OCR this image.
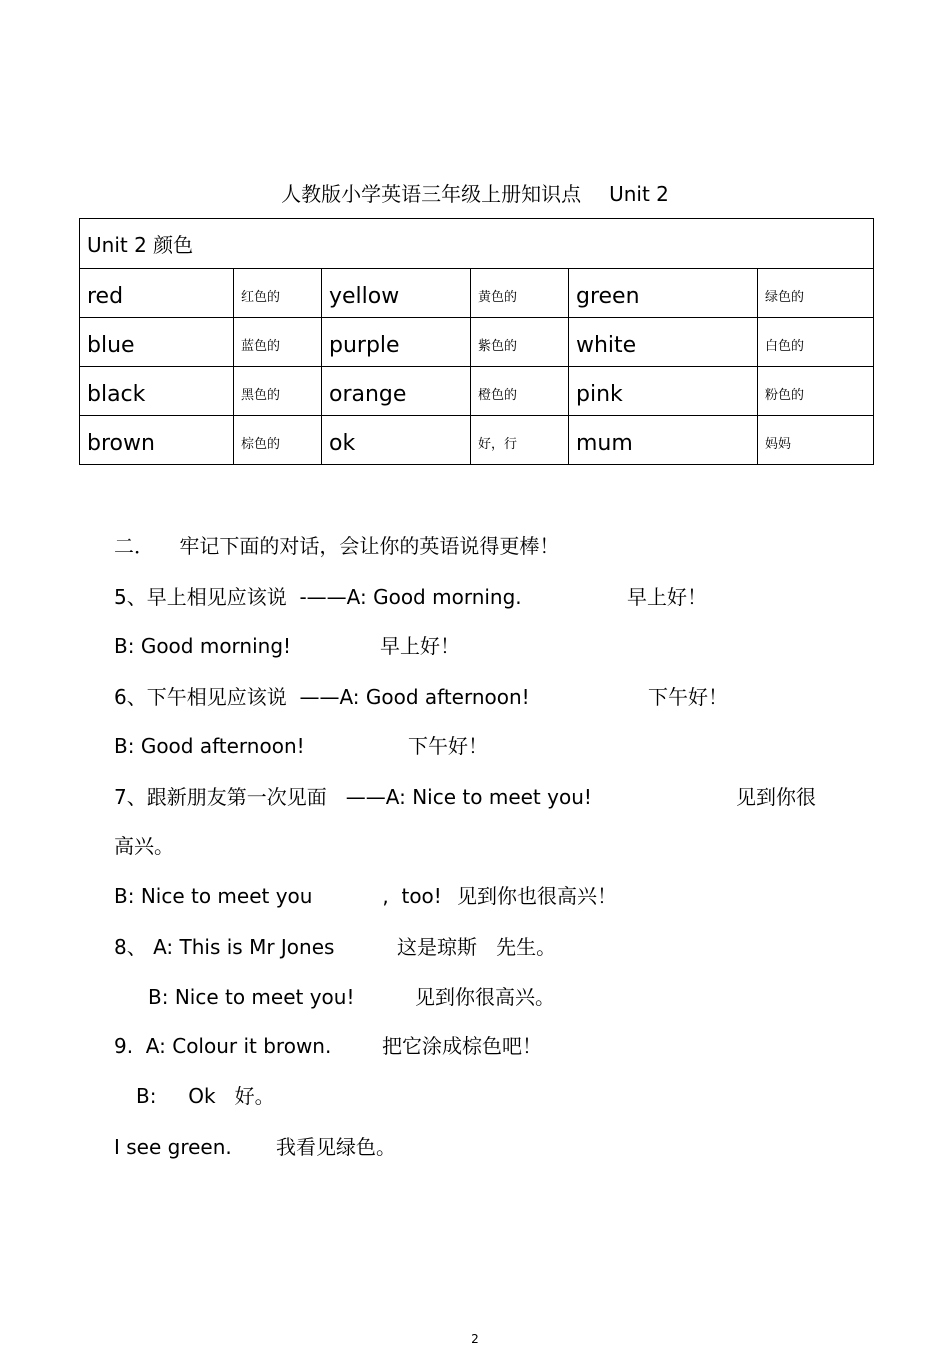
人教版小学英语三年级上册知识点 Unit 2
Unit 2 颜色					
red	红色的	yellow	黄色的	green	绿色的
blue	蓝色的	purple	紫色的	white	白色的
black	黑色的	orange	橙色的	pink	粉色的
brown	棕色的	ok	好，行	mum	妈妈
二．    牢记下面的对话，会让你的英语说得更棒！
5、早上相见应该说  -——A: Good morning.	早上好！
B: Good morning!	早上好！
6、下午相见应该说  ——A: Good afternoon!	下午好！
B: Good afternoon!	下午好！
7、跟新朋友第一次见面   ——A: Nice to meet you!	见到你很
高兴。
B: Nice to meet you           ,  too! 见到你也很高兴！
8、 A: This is Mr Jones	这是琼斯   先生。
B: Nice to meet you!	见到你很高兴。
9.  A: Colour it brown.	把它涂成棕色吧！
B:     Ok   好。
I see green. 我看见绿色。
2
